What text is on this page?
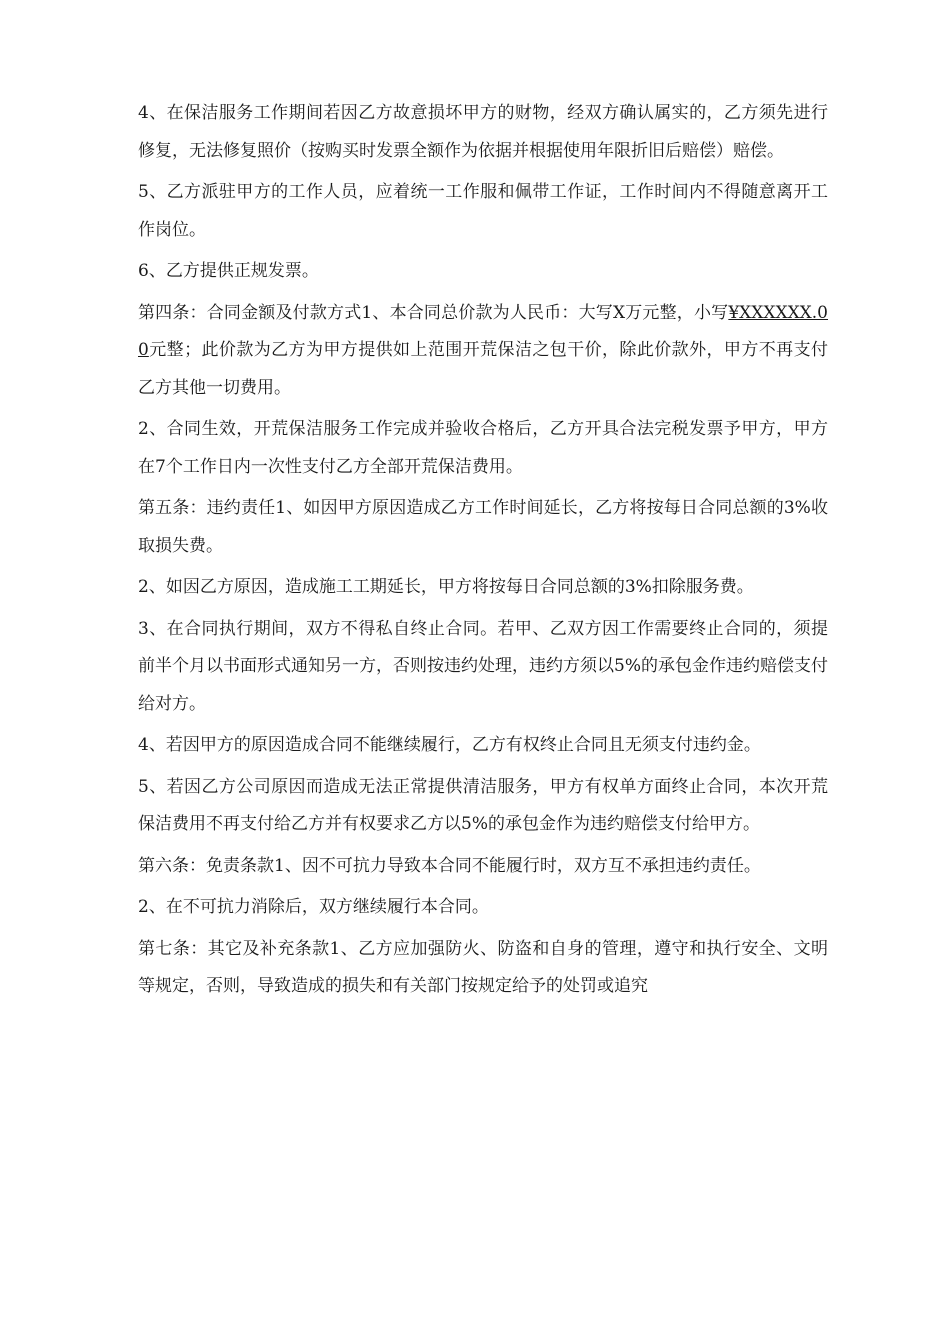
4、在保洁服务工作期间若因乙方故意损坏甲方的财物，经双方确认属实的，乙方须先进行修复，无法修复照价（按购买时发票全额作为依据并根据使用年限折旧后赔偿）赔偿。

5、乙方派驻甲方的工作人员，应着统一工作服和佩带工作证，工作时间内不得随意离开工作岗位。

6、乙方提供正规发票。

第四条：合同金额及付款方式1、本合同总价款为人民币：大写X万元整，小写¥XXXXXX.00元整；此价款为乙方为甲方提供如上范围开荒保洁之包干价，除此价款外，甲方不再支付乙方其他一切费用。

2、合同生效，开荒保洁服务工作完成并验收合格后，乙方开具合法完税发票予甲方，甲方在7个工作日内一次性支付乙方全部开荒保洁费用。

第五条：违约责任1、如因甲方原因造成乙方工作时间延长，乙方将按每日合同总额的3%收取损失费。

2、如因乙方原因，造成施工工期延长，甲方将按每日合同总额的3%扣除服务费。

3、在合同执行期间，双方不得私自终止合同。若甲、乙双方因工作需要终止合同的，须提前半个月以书面形式通知另一方，否则按违约处理，违约方须以5%的承包金作违约赔偿支付给对方。

4、若因甲方的原因造成合同不能继续履行，乙方有权终止合同且无须支付违约金。

5、若因乙方公司原因而造成无法正常提供清洁服务，甲方有权单方面终止合同，本次开荒保洁费用不再支付给乙方并有权要求乙方以5%的承包金作为违约赔偿支付给甲方。

第六条：免责条款1、因不可抗力导致本合同不能履行时，双方互不承担违约责任。

2、在不可抗力消除后，双方继续履行本合同。

第七条：其它及补充条款1、乙方应加强防火、防盗和自身的管理，遵守和执行安全、文明等规定，否则，导致造成的损失和有关部门按规定给予的处罚或追究
